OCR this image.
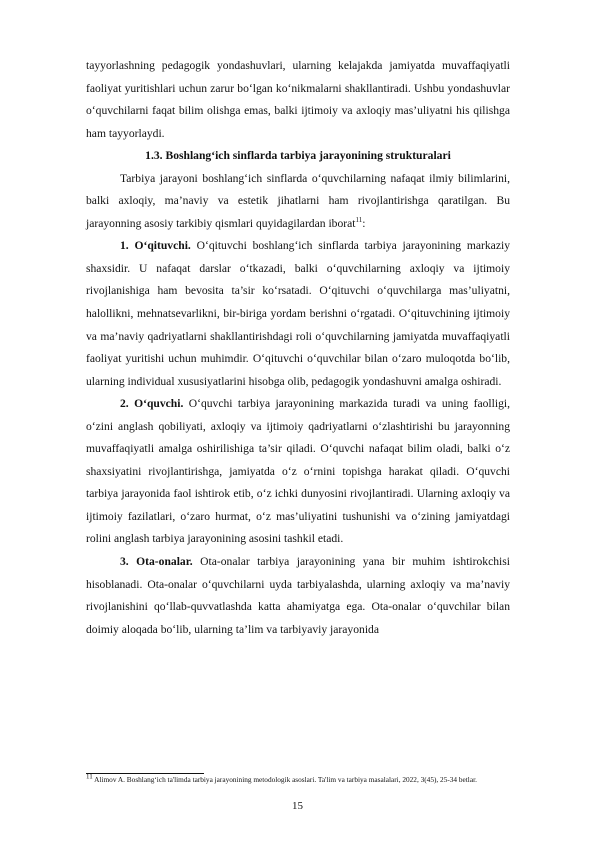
tayyorlashning pedagogik yondashuvlari, ularning kelajakda jamiyatda muvaffaqiyatli faoliyat yuritishlari uchun zarur bo‘lgan ko‘nikmalarni shakllantiradi. Ushbu yondashuvlar o‘quvchilarni faqat bilim olishga emas, balki ijtimoiy va axloqiy mas’uliyatni his qilishga ham tayyorlaydi.

1.3. Boshlang‘ich sinflarda tarbiya jarayonining strukturalari

Tarbiya jarayoni boshlang‘ich sinflarda o‘quvchilarning nafaqat ilmiy bilimlarini, balki axloqiy, ma’naviy va estetik jihatlarni ham rivojlantirishga qaratilgan. Bu jarayonning asosiy tarkibiy qismlari quyidagilardan iborat$^{11}$:

1. O‘qituvchi. O‘qituvchi boshlang‘ich sinflarda tarbiya jarayonining markaziy shaxsidir. U nafaqat darslar o‘tkazadi, balki o‘quvchilarning axloqiy va ijtimoiy rivojlanishiga ham bevosita ta’sir ko‘rsatadi. O‘qituvchi o‘quvchilarga mas’uliyatni, halollikni, mehnatsevarlikni, bir-biriga yordam berishni o‘rgatadi. O‘qituvchining ijtimoiy va ma’naviy qadriyatlarni shakllantirishdagi roli o‘quvchilarning jamiyatda muvaffaqiyatli faoliyat yuritishi uchun muhimdir. O‘qituvchi o‘quvchilar bilan o‘zaro muloqotda bo‘lib, ularning individual xususiyatlarini hisobga olib, pedagogik yondashuvni amalga oshiradi.

2. O‘quvchi. O‘quvchi tarbiya jarayonining markazida turadi va uning faolligi, o‘zini anglash qobiliyati, axloqiy va ijtimoiy qadriyatlarni o‘zlashtirishi bu jarayonning muvaffaqiyatli amalga oshirilishiga ta’sir qiladi. O‘quvchi nafaqat bilim oladi, balki o‘z shaxsiyatini rivojlantirishga, jamiyatda o‘z o‘rnini topishga harakat qiladi. O‘quvchi tarbiya jarayonida faol ishtirok etib, o‘z ichki dunyosini rivojlantiradi. Ularning axloqiy va ijtimoiy fazilatlari, o‘zaro hurmat, o‘z mas’uliyatini tushunishi va o‘zining jamiyatdagi rolini anglash tarbiya jarayonining asosini tashkil etadi.

3. Ota-onalar. Ota-onalar tarbiya jarayonining yana bir muhim ishtirokchisi hisoblanadi. Ota-onalar o‘quvchilarni uyda tarbiyalashda, ularning axloqiy va ma’naviy rivojlanishini qo‘llab-quvvatlashda katta ahamiyatga ega. Ota-onalar o‘quvchilar bilan doimiy aloqada bo‘lib, ularning ta’lim va tarbiyaviy jarayonida

$^{11}$ Alimov A. Boshlang‘ich ta'limda tarbiya jarayonining metodologik asoslari. Ta'lim va tarbiya masalalari, 2022, 3(45), 25-34 betlar.
15
